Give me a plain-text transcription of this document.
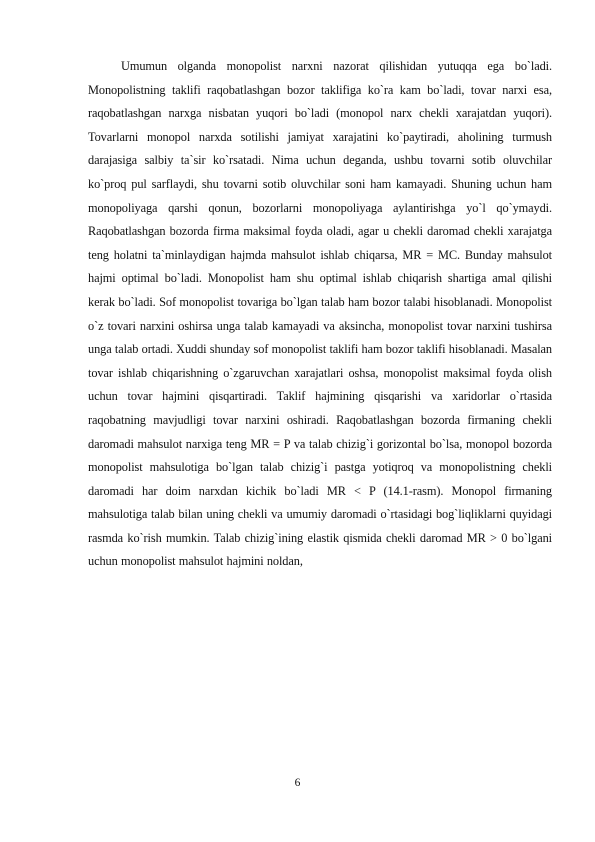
Umumun olganda monopolist narxni nazorat qilishidan yutuqqa ega bo`ladi. Monopolistning taklifi raqobatlashgan bozor taklifiga ko`ra kam bo`ladi, tovar narxi esa, raqobatlashgan narxga nisbatan yuqori bo`ladi (monopol narx chekli xarajatdan yuqori). Tovarlarni monopol narxda sotilishi jamiyat xarajatini ko`paytiradi, aholining turmush darajasiga salbiy ta`sir ko`rsatadi. Nima uchun deganda, ushbu tovarni sotib oluvchilar ko`proq pul sarflaydi, shu tovarni sotib oluvchilar soni ham kamayadi. Shuning uchun ham monopoliyaga qarshi qonun, bozorlarni monopoliyaga aylantirishga yo`l qo`ymaydi. Raqobatlashgan bozorda firma maksimal foyda oladi, agar u chekli daromad chekli xarajatga teng holatni ta`minlaydigan hajmda mahsulot ishlab chiqarsa, MR = MC. Bunday mahsulot hajmi optimal bo`ladi. Monopolist ham shu optimal ishlab chiqarish shartiga amal qilishi kerak bo`ladi. Sof monopolist tovariga bo`lgan talab ham bozor talabi hisoblanadi. Monopolist o`z tovari narxini oshirsa unga talab kamayadi va aksincha, monopolist tovar narxini tushirsa unga talab ortadi. Xuddi shunday sof monopolist taklifi ham bozor taklifi hisoblanadi. Masalan tovar ishlab chiqarishning o`zgaruvchan xarajatlari oshsa, monopolist maksimal foyda olish uchun tovar hajmini qisqartiradi. Taklif hajmining qisqarishi va xaridorlar o`rtasida raqobatning mavjudligi tovar narxini oshiradi. Raqobatlashgan bozorda firmaning chekli daromadi mahsulot narxiga teng MR = P va talab chizig`i gorizontal bo`lsa, monopol bozorda monopolist mahsulotiga bo`lgan talab chizig`i pastga yotiqroq va monopolistning chekli daromadi har doim narxdan kichik bo`ladi MR < P (14.1-rasm). Monopol firmaning mahsulotiga talab bilan uning chekli va umumiy daromadi o`rtasidagi bog`liqliklarni quyidagi rasmda ko`rish mumkin. Talab chizig`ining elastik qismida chekli daromad MR > 0 bo`lgani uchun monopolist mahsulot hajmini noldan,

6
